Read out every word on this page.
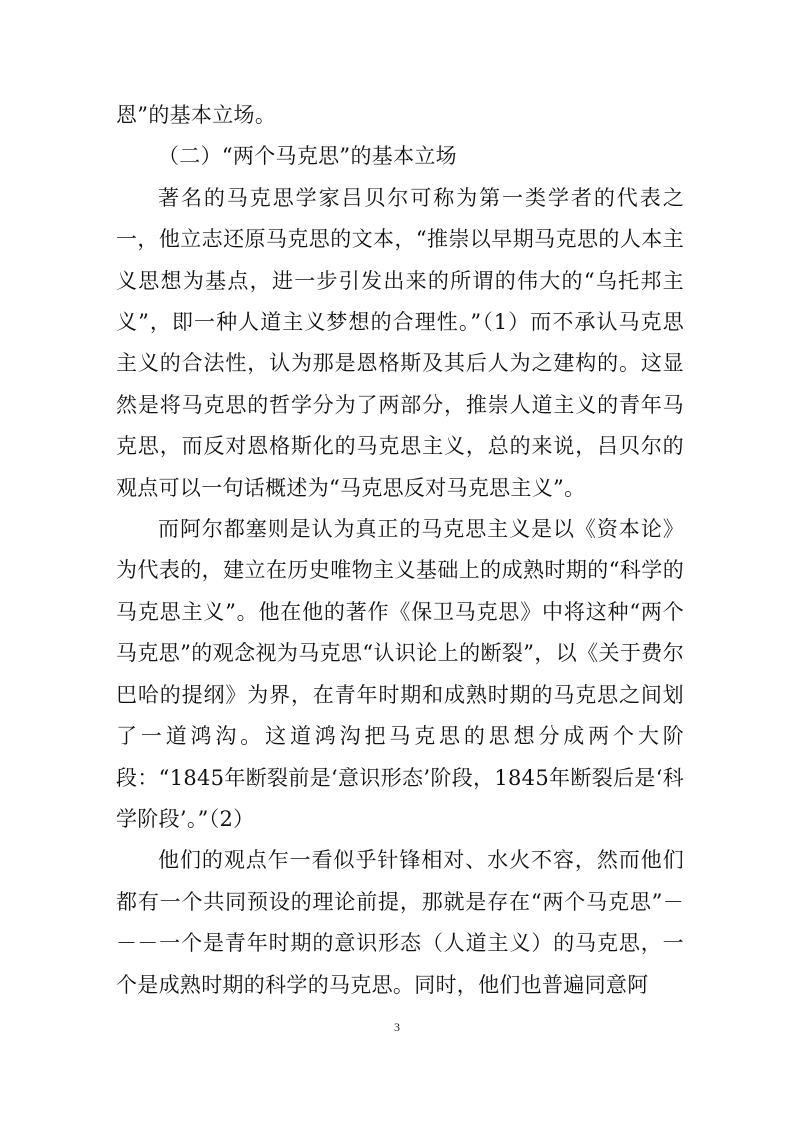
恩”的基本立场。

（二）“两个马克思”的基本立场

著名的马克思学家吕贝尔可称为第一类学者的代表之一，他立志还原马克思的文本，“推崇以早期马克思的人本主义思想为基点，进一步引发出来的所谓的伟大的“乌托邦主义”，即一种人道主义梦想的合理性。”（1）而不承认马克思主义的合法性，认为那是恩格斯及其后人为之建构的。这显然是将马克思的哲学分为了两部分，推崇人道主义的青年马克思，而反对恩格斯化的马克思主义，总的来说，吕贝尔的观点可以一句话概述为“马克思反对马克思主义”。

而阿尔都塞则是认为真正的马克思主义是以《资本论》为代表的，建立在历史唯物主义基础上的成熟时期的“科学的马克思主义”。他在他的著作《保卫马克思》中将这种“两个马克思”的观念视为马克思“认识论上的断裂”，以《关于费尔巴哈的提纲》为界，在青年时期和成熟时期的马克思之间划了一道鸿沟。这道鸿沟把马克思的思想分成两个大阶段：“1845年断裂前是‘意识形态’阶段，1845年断裂后是‘科学阶段’。”（2）

他们的观点乍一看似乎针锋相对、水火不容，然而他们都有一个共同预设的理论前提，那就是存在“两个马克思”－－－一个是青年时期的意识形态（人道主义）的马克思，一个是成熟时期的科学的马克思。同时，他们也普遍同意阿

3
